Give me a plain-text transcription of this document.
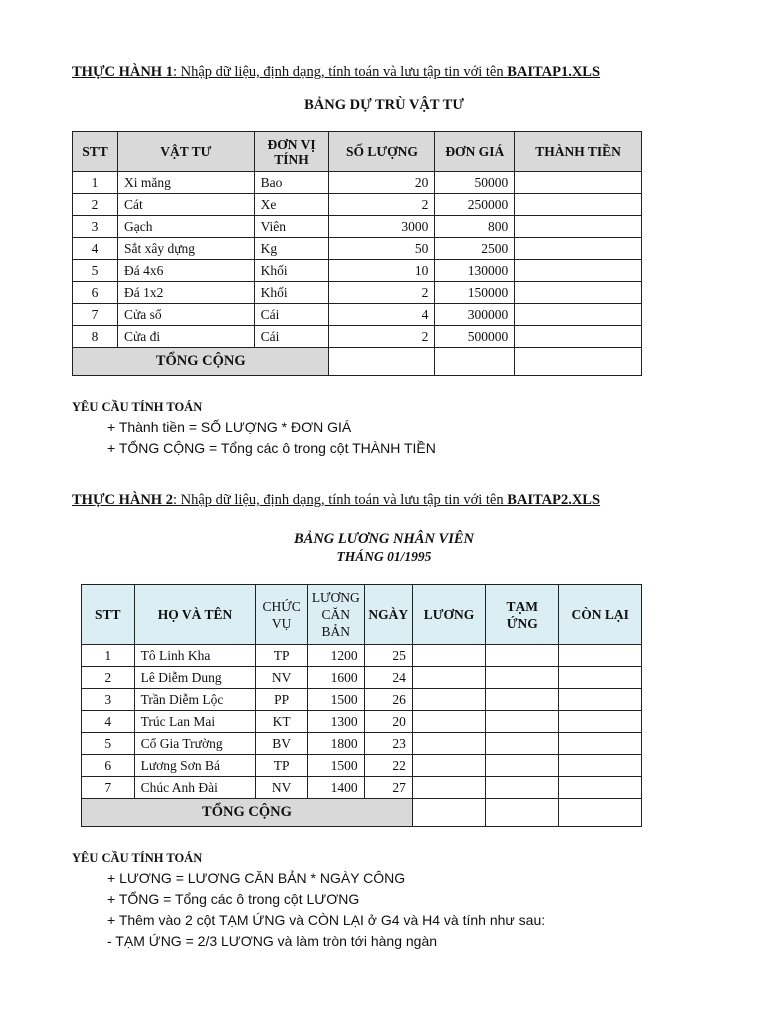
THỰC HÀNH 1: Nhập dữ liệu, định dạng, tính toán và lưu tập tin với tên BAITAP1.XLS
BẢNG DỰ TRÙ VẬT TƯ
STT	VẬT TƯ	ĐƠN VỊ TÍNH	SỐ LƯỢNG	ĐƠN GIÁ	THÀNH TIỀN
1	Xi măng	Bao	20	50000	
2	Cát	Xe	2	250000	
3	Gạch	Viên	3000	800	
4	Sắt xây dựng	Kg	50	2500	
5	Đá 4x6	Khối	10	130000	
6	Đá 1x2	Khối	2	150000	
7	Cửa sổ	Cái	4	300000	
8	Cửa đi	Cái	2	500000	
TỔNG CỘNG					
YÊU CẦU TÍNH TOÁN
+ Thành tiền = SỐ LƯỢNG * ĐƠN GIÁ
+ TỔNG CỘNG = Tổng các ô trong cột THÀNH TIỀN
THỰC HÀNH 2: Nhập dữ liệu, định dạng, tính toán và lưu tập tin với tên BAITAP2.XLS
BẢNG LƯƠNG NHÂN VIÊN
THÁNG 01/1995
STT	HỌ VÀ TÊN	CHỨC VỤ	LƯƠNG CĂN BẢN	NGÀY	LƯƠNG	TẠM ỨNG	CÒN LẠI
1	Tô Linh Kha	TP	1200	25			
2	Lê Diễm Dung	NV	1600	24			
3	Trần Diễm Lộc	PP	1500	26			
4	Trúc Lan Mai	KT	1300	20			
5	Cổ Gia Trường	BV	1800	23			
6	Lương Sơn Bá	TP	1500	22			
7	Chúc Anh Đài	NV	1400	27			
TỔNG CỘNG							
YÊU CẦU TÍNH TOÁN
+ LƯƠNG = LƯƠNG CĂN BẢN * NGÀY CÔNG
+ TỔNG = Tổng các ô trong cột LƯƠNG
+ Thêm vào 2 cột TẠM ỨNG và CÒN LẠI ở G4 và H4 và tính như sau:
- TẠM ỨNG = 2/3 LƯƠNG và làm tròn tới hàng ngàn
